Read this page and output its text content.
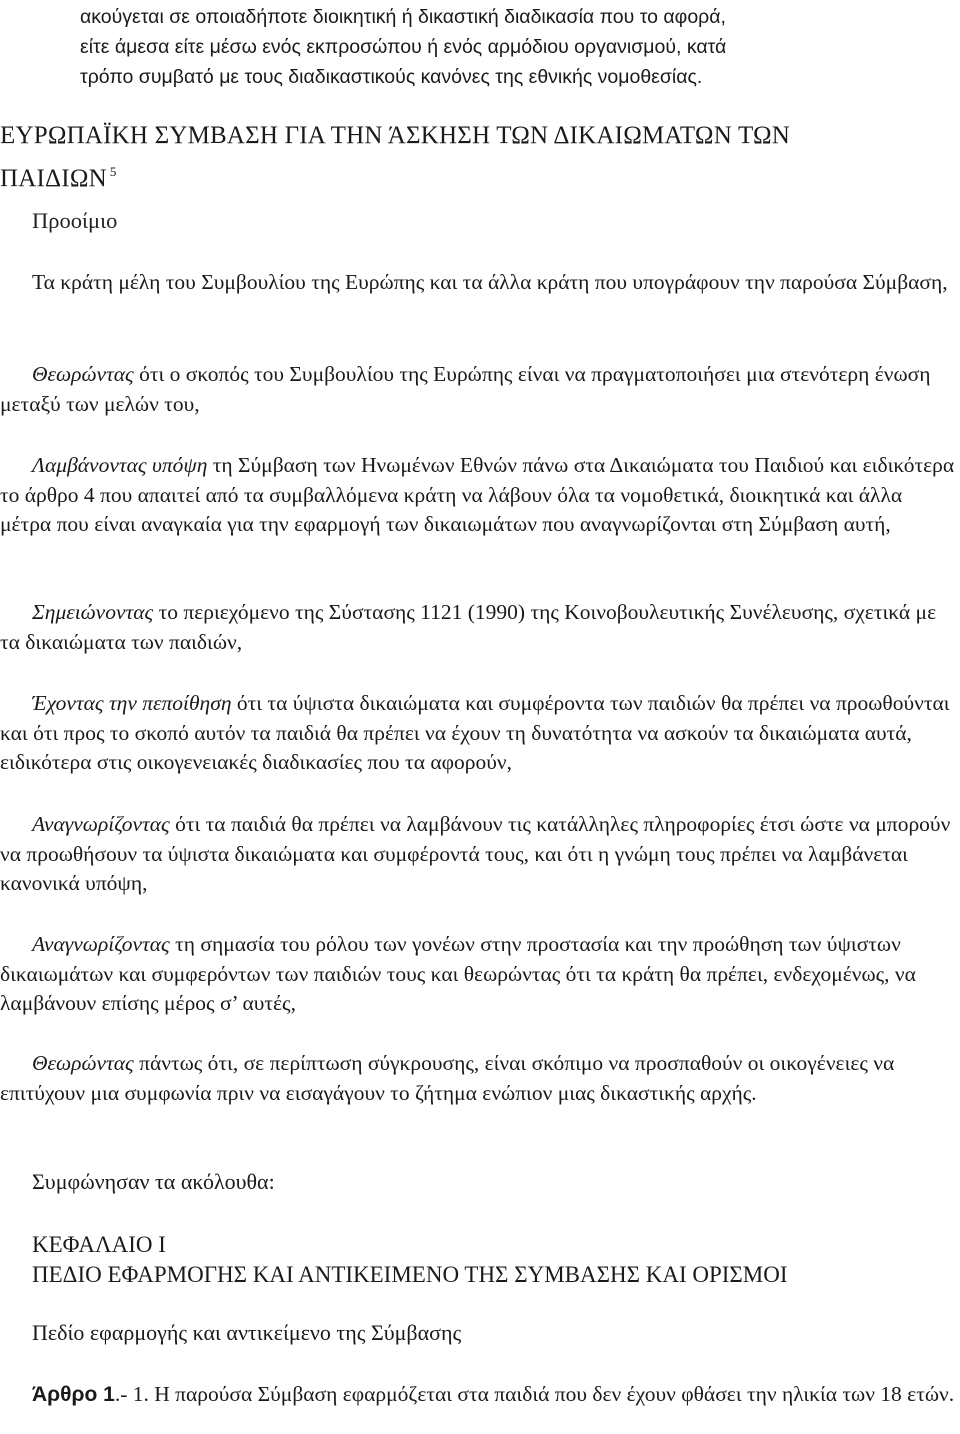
ακούγεται σε οποιαδήποτε διοικητική ή δικαστική διαδικασία που το αφορά,
είτε άμεσα είτε μέσω ενός εκπροσώπου ή ενός αρμόδιου οργανισμού, κατά
τρόπο συμβατό με τους διαδικαστικούς κανόνες της εθνικής νομοθεσίας.
ΕΥΡΩΠΑΪΚΗ ΣΥΜΒΑΣΗ ΓΙΑ ΤΗΝ ΆΣΚΗΣΗ ΤΩΝ ΔΙΚΑΙΩΜΑΤΩΝ ΤΩΝ
ΠΑΙΔΙΩΝ $^5$
Προοίμιο
Τα κράτη μέλη του Συμβουλίου της Ευρώπης και τα άλλα κράτη που υπογράφουν την παρούσα Σύμβαση,
Θεωρώντας ότι ο σκοπός του Συμβουλίου της Ευρώπης είναι να πραγματοποιήσει μια στενότερη ένωση μεταξύ των μελών του,
Λαμβάνοντας υπόψη τη Σύμβαση των Ηνωμένων Εθνών πάνω στα Δικαιώματα του Παιδιού και ειδικότερα το άρθρο 4 που απαιτεί από τα συμβαλλόμενα κράτη να λάβουν όλα τα νομοθετικά, διοικητικά και άλλα μέτρα που είναι αναγκαία για την εφαρμογή των δικαιωμάτων που αναγνωρίζονται στη Σύμβαση αυτή,
Σημειώνοντας το περιεχόμενο της Σύστασης 1121 (1990) της Κοινοβουλευτικής Συνέλευσης, σχετικά με τα δικαιώματα των παιδιών,
Έχοντας την πεποίθηση ότι τα ύψιστα δικαιώματα και συμφέροντα των παιδιών θα πρέπει να προωθούνται και ότι προς το σκοπό αυτόν τα παιδιά θα πρέπει να έχουν τη δυνατότητα να ασκούν τα δικαιώματα αυτά, ειδικότερα στις οικογενειακές διαδικασίες που τα αφορούν,
Αναγνωρίζοντας ότι τα παιδιά θα πρέπει να λαμβάνουν τις κατάλληλες πληροφορίες έτσι ώστε να μπορούν να προωθήσουν τα ύψιστα δικαιώματα και συμφέροντά τους, και ότι η γνώμη τους πρέπει να λαμβάνεται κανονικά υπόψη,
Αναγνωρίζοντας τη σημασία του ρόλου των γονέων στην προστασία και την προώθηση των ύψιστων δικαιωμάτων και συμφερόντων των παιδιών τους και θεωρώντας ότι τα κράτη θα πρέπει, ενδεχομένως, να λαμβάνουν επίσης μέρος σ’ αυτές,
Θεωρώντας πάντως ότι, σε περίπτωση σύγκρουσης, είναι σκόπιμο να προσπαθούν οι οικογένειες να επιτύχουν μια συμφωνία πριν να εισαγάγουν το ζήτημα ενώπιον μιας δικαστικής αρχής.
Συμφώνησαν τα ακόλουθα:
ΚΕΦΑΛΑΙΟ Ι
ΠΕΔΙΟ ΕΦΑΡΜΟΓΗΣ ΚΑΙ ΑΝΤΙΚΕΙΜΕΝΟ ΤΗΣ ΣΥΜΒΑΣΗΣ ΚΑΙ ΟΡΙΣΜΟΙ
Πεδίο εφαρμογής και αντικείμενο της Σύμβασης
Άρθρο 1.- 1. Η παρούσα Σύμβαση εφαρμόζεται στα παιδιά που δεν έχουν φθάσει την ηλικία των 18 ετών.
